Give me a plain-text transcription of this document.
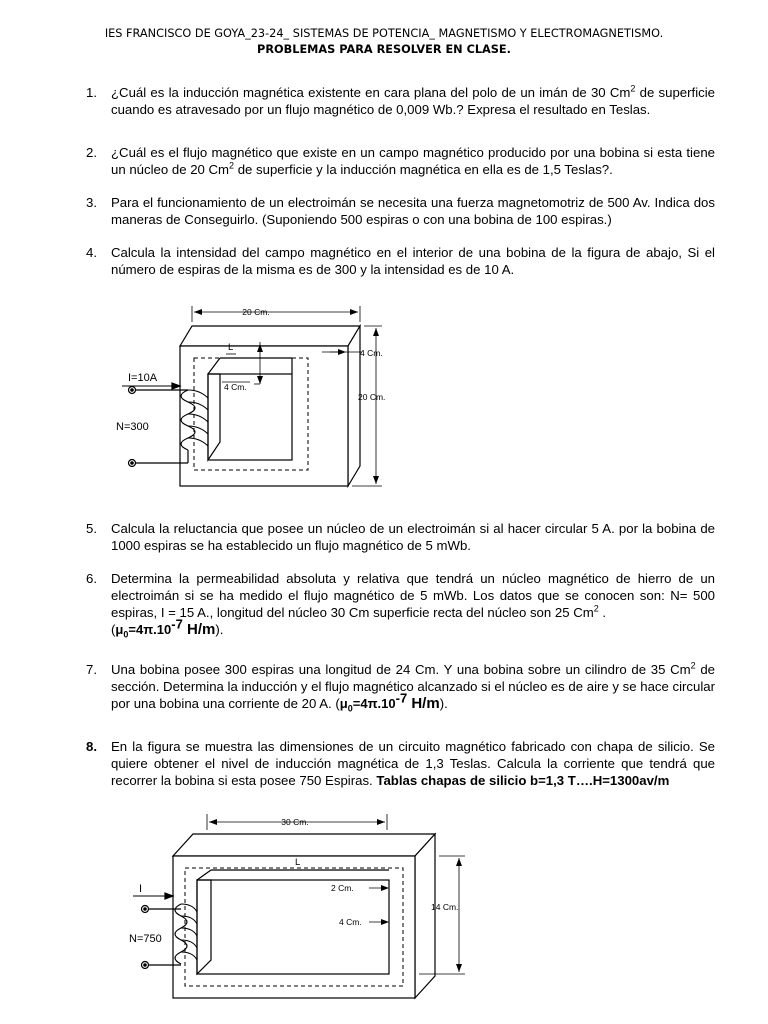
IES FRANCISCO DE GOYA_23-24_ SISTEMAS DE POTENCIA_ MAGNETISMO Y ELECTROMAGNETISMO.
PROBLEMAS PARA RESOLVER EN CLASE.
1.	¿Cuál es la inducción magnética existente en cara plana del polo de un imán de 30 Cm$^2$ de superficie cuando es atravesado por un flujo magnético de 0,009 Wb.? Expresa el resultado en Teslas.
2.	¿Cuál es el flujo magnético que existe en un campo magnético producido por una bobina si esta tiene un núcleo de 20 Cm$^2$ de superficie y la inducción magnética en ella es de 1,5 Teslas?.
3.	Para el funcionamiento de un electroimán se necesita una fuerza magnetomotriz de 500 Av. Indica dos maneras de Conseguirlo. (Suponiendo 500 espiras o con una bobina de 100 espiras.)
4.	Calcula la intensidad del campo magnético en el interior de una bobina de la figura de abajo, Si el número de espiras de la misma es de 300 y la intensidad es de 10 A.
20 Cm.
4 Cm.
4 Cm.
20 Cm.
L
I=10A
N=300
5.	Calcula la reluctancia que posee un núcleo de un electroimán si al hacer circular 5 A. por la bobina de 1000 espiras se ha establecido un flujo magnético de 5 mWb.
6.	Determina la permeabilidad absoluta y relativa que tendrá un núcleo magnético de hierro de un electroimán si se ha medido el flujo magnético de 5 mWb. Los datos que se conocen son: N= 500 espiras, I = 15 A., longitud del núcleo 30 Cm superficie recta del núcleo son 25 Cm$^2$ .
($\mu_0=4\pi.10^{-7}$ H/m).
7.	Una bobina posee 300 espiras una longitud de 24 Cm. Y una bobina sobre un cilindro de 35 Cm$^2$ de sección. Determina la inducción y el flujo magnético alcanzado si el núcleo es de aire y se hace circular por una bobina una corriente de 20 A. ($\mu_0=4\pi.10^{-7}$ H/m).
8.	En la figura se muestra las dimensiones de un circuito magnético fabricado con chapa de silicio. Se quiere obtener el nivel de inducción magnética de 1,3 Teslas. Calcula la corriente que tendrá que recorrer la bobina si esta posee 750 Espiras. Tablas chapas de silicio b=1,3 T….H=1300av/m
30 Cm.
2 Cm.
4 Cm.
14 Cm.
L
I
N=750
